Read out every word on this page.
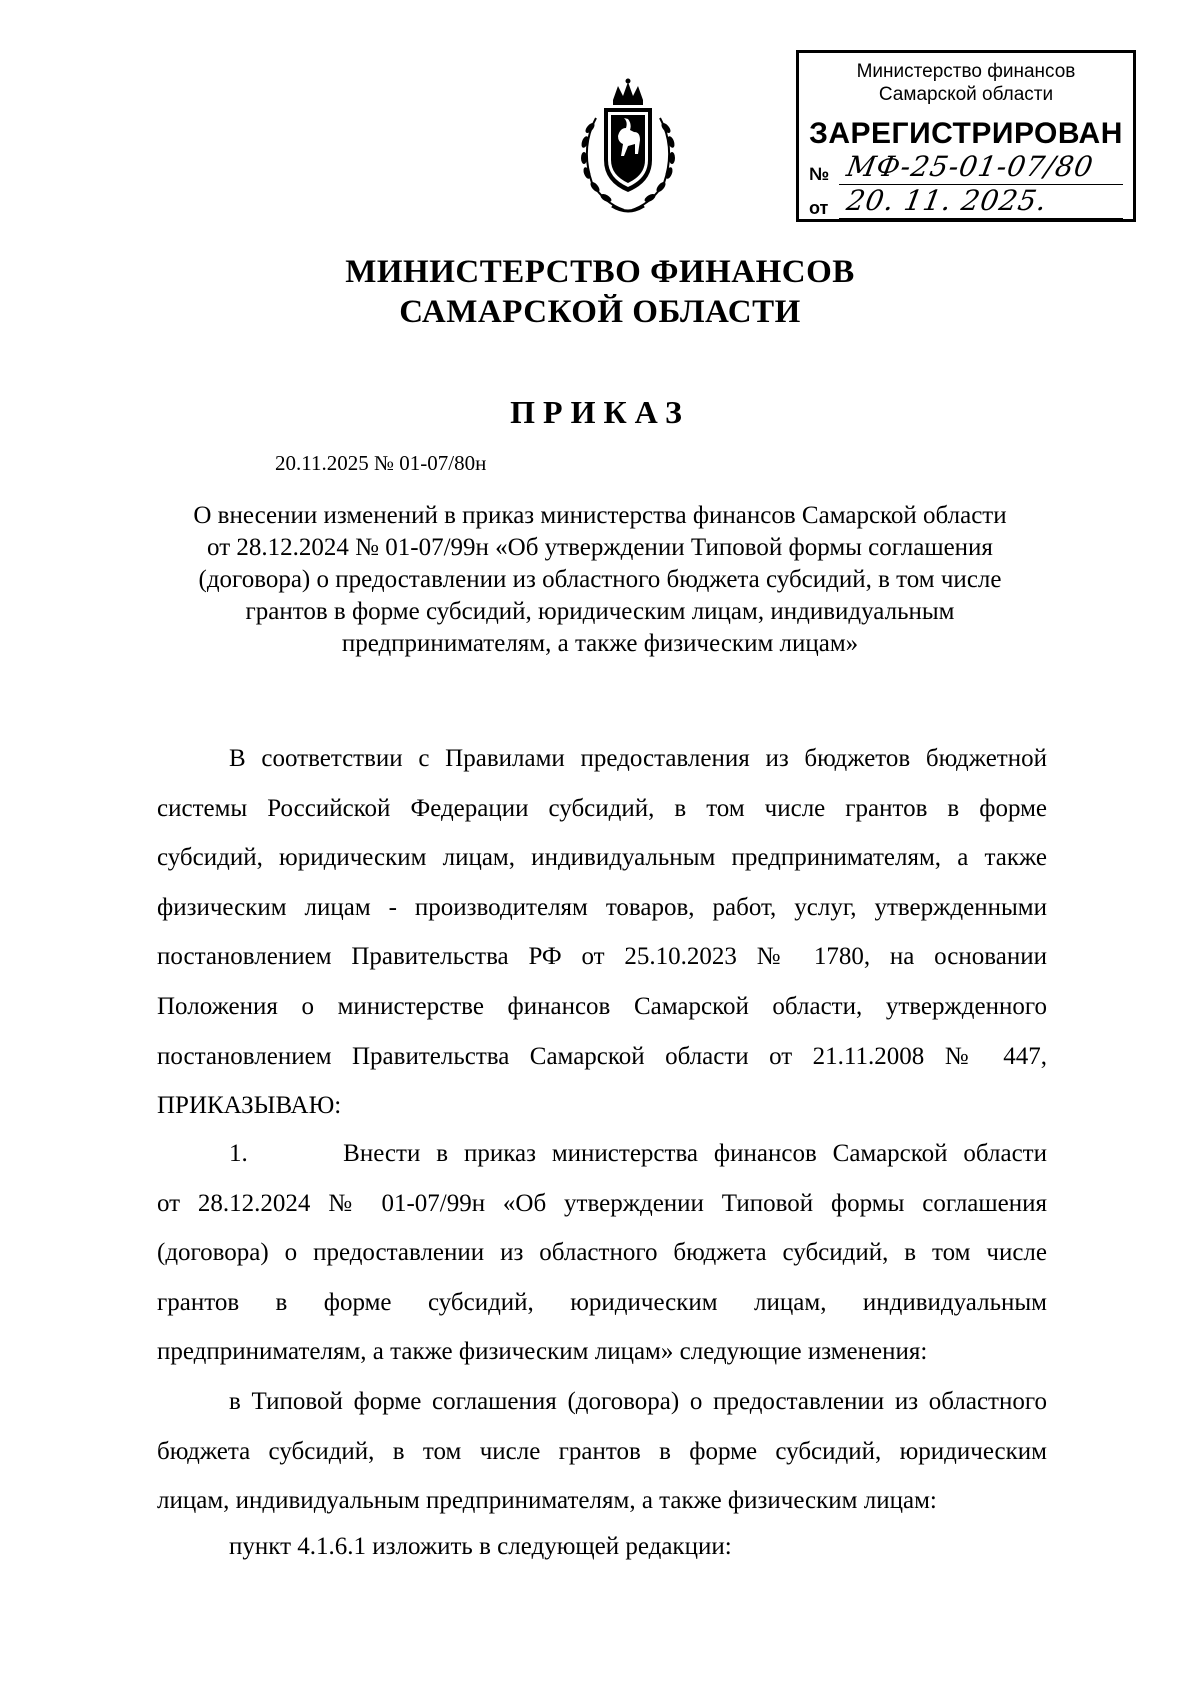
Министерство финансов
Самарской области
ЗАРЕГИСТРИРОВАН
№ МФ-25-01-07/80
от 20. 11. 2025.
МИНИСТЕРСТВО ФИНАНСОВ
САМАРСКОЙ ОБЛАСТИ
ПРИКАЗ
20.11.2025 № 01-07/80н
О внесении изменений в приказ министерства финансов Самарской области
от 28.12.2024 № 01-07/99н «Об утверждении Типовой формы соглашения
(договора) о предоставлении из областного бюджета субсидий, в том числе
грантов в форме субсидий, юридическим лицам, индивидуальным
предпринимателям, а также физическим лицам»
В соответствии с Правилами предоставления из бюджетов бюджетной
системы Российской Федерации субсидий, в том числе грантов в форме
субсидий, юридическим лицам, индивидуальным предпринимателям, а также
физическим лицам - производителям товаров, работ, услуг, утвержденными
постановлением Правительства РФ от 25.10.2023 № 1780, на основании
Положения о министерстве финансов Самарской области, утвержденного
постановлением Правительства Самарской области от 21.11.2008 № 447,
ПРИКАЗЫВАЮ:
1.      Внести в приказ министерства финансов Самарской области
от 28.12.2024 № 01-07/99н «Об утверждении Типовой формы соглашения
(договора) о предоставлении из областного бюджета субсидий, в том числе
грантов в форме субсидий, юридическим лицам, индивидуальным
предпринимателям, а также физическим лицам» следующие изменения:
в Типовой форме соглашения (договора) о предоставлении из областного
бюджета субсидий, в том числе грантов в форме субсидий, юридическим
лицам, индивидуальным предпринимателям, а также физическим лицам:
пункт 4.1.6.1 изложить в следующей редакции:
